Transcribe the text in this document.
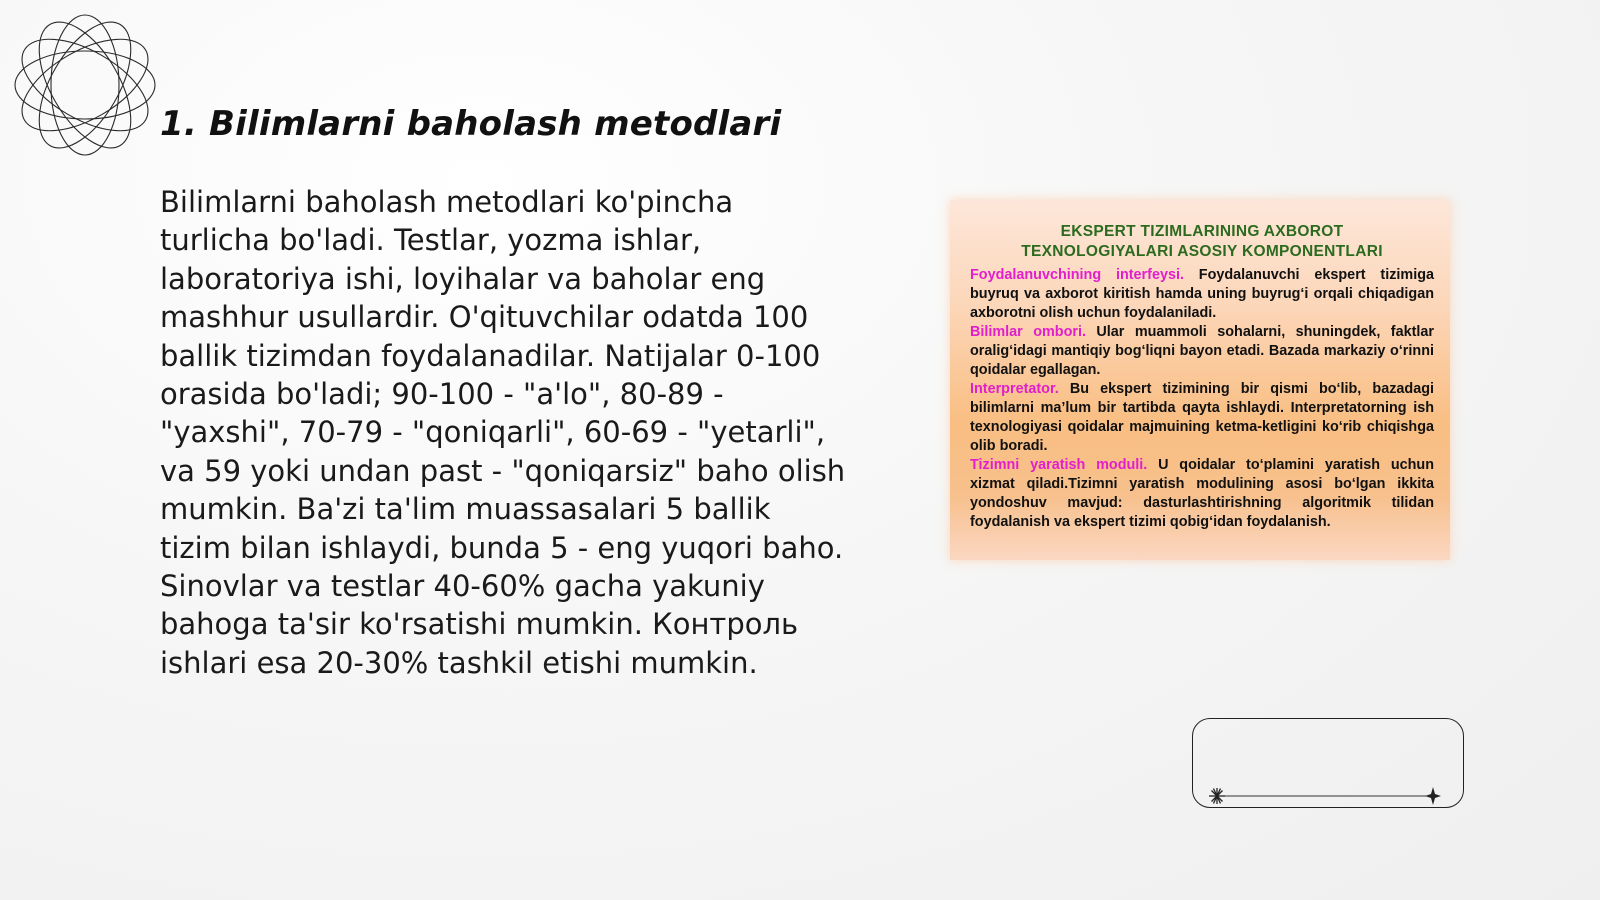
1. Bilimlarni baholash metodlari

Bilimlarni baholash metodlari ko'pincha turlicha bo'ladi. Testlar, yozma ishlar, laboratoriya ishi, loyihalar va baholar eng mashhur usullardir. O'qituvchilar odatda 100 ballik tizimdan foydalanadilar. Natijalar 0-100 orasida bo'ladi; 90-100 - "a'lo", 80-89 - "yaxshi", 70-79 - "qoniqarli", 60-69 - "yetarli", va 59 yoki undan past - "qoniqarsiz" baho olish mumkin. Ba'zi ta'lim muassasalari 5 ballik tizim bilan ishlaydi, bunda 5 - eng yuqori baho. Sinovlar va testlar 40-60% gacha yakuniy bahoga ta'sir ko'rsatishi mumkin. Контроль ishlari esa 20-30% tashkil etishi mumkin.

EKSPERT TIZIMLARINING AXBOROT
TEXNOLOGIYALARI ASOSIY KOMPONENTLARI

Foydalanuvchining interfeysi. Foydalanuvchi ekspert tizimiga buyruq va axborot kiritish hamda uning buyrug‘i orqali chiqadigan axborotni olish uchun foydalaniladi.

Bilimlar ombori. Ular muammoli sohalarni, shuningdek, faktlar oralig‘idagi mantiqiy bog‘liqni bayon etadi. Bazada markaziy o‘rinni qoidalar egallagan.

Interpretator. Bu ekspert tizimining bir qismi bo‘lib, bazadagi bilimlarni ma’lum bir tartibda qayta ishlaydi. Interpretatorning ish texnologiyasi qoidalar majmuining ketma-ketligini ko‘rib chiqishga olib boradi.

Tizimni yaratish moduli. U qoidalar to‘plamini yaratish uchun xizmat qiladi.Tizimni yaratish modulining asosi bo‘lgan ikkita yondoshuv mavjud: dasturlashtirishning algoritmik tilidan foydalanish va ekspert tizimi qobig‘idan foydalanish.
